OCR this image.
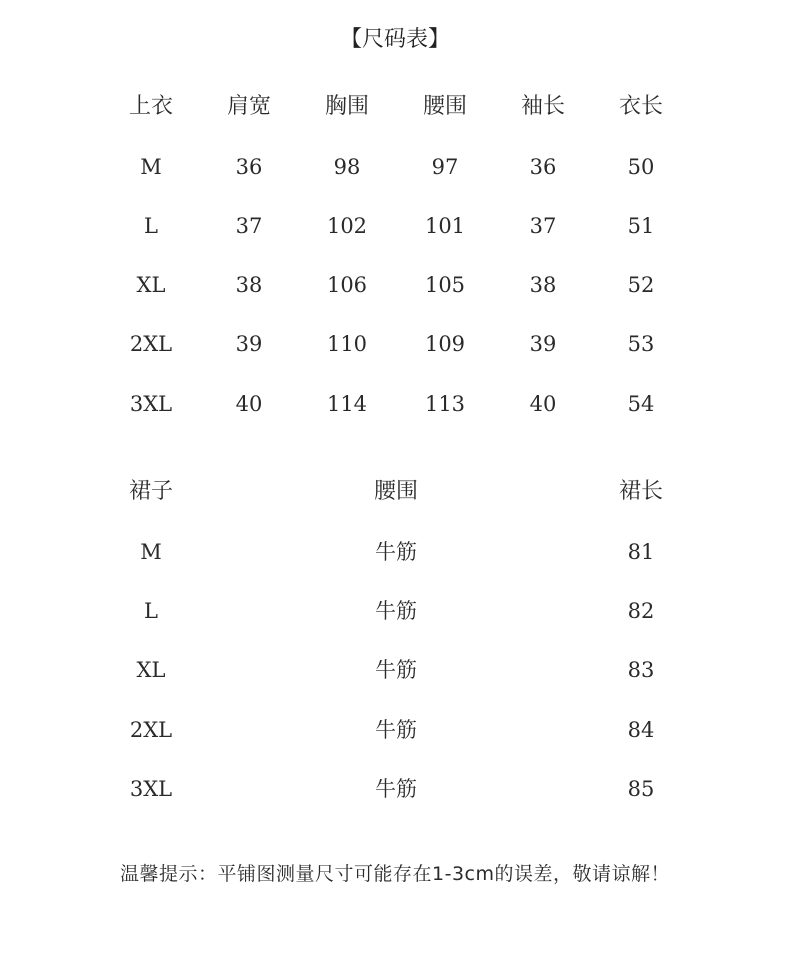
【尺码表】
上衣	肩宽	胸围	腰围	袖长	衣长
M	36	98	97	36	50
L	37	102	101	37	51
XL	38	106	105	38	52
2XL	39	110	109	39	53
3XL	40	114	113	40	54
裙子	腰围	裙长
M	牛筋	81
L	牛筋	82
XL	牛筋	83
2XL	牛筋	84
3XL	牛筋	85
温馨提示：平铺图测量尺寸可能存在1-3cm的误差，敬请谅解！
